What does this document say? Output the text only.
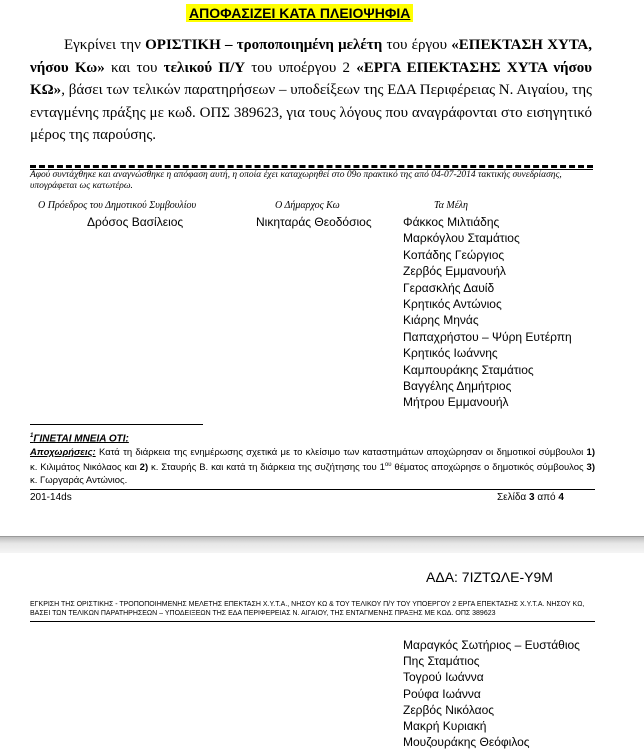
ΑΠΟΦΑΣΙΖΕΙ ΚΑΤΑ ΠΛΕΙΟΨΗΦΙΑ

Εγκρίνει την ΟΡΙΣΤΙΚΗ – τροποποιημένη μελέτη του έργου «ΕΠΕΚΤΑΣΗ ΧΥΤΑ, νήσου Κω» και του τελικού Π/Υ του υποέργου 2 «ΕΡΓΑ ΕΠΕΚΤΑΣΗΣ ΧΥΤΑ νήσου ΚΩ», βάσει των τελικών παρατηρήσεων – υποδείξεων της ΕΔΑ Περιφέρειας Ν. Αιγαίου, της ενταγμένης πράξης με κωδ. ΟΠΣ 389623, για τους λόγους που αναγράφονται στο εισηγητικό μέρος της παρούσης.

Αφού συντάχθηκε και αναγνώσθηκε η απόφαση αυτή, η οποία έχει καταχωρηθεί στο 09ο πρακτικό της από 04-07-2014 τακτικής συνεδρίασης, υπογράφεται ως κατωτέρω.
Ο Πρόεδρος του Δημοτικού Συμβουλίου
Δρόσος Βασίλειος
Ο Δήμαρχος Κω
Νικηταράς Θεοδόσιος
Τα Μέλη
Φάκκος Μιλτιάδης
Μαρκόγλου Σταμάτιος
Κοπάδης Γεώργιος
Ζερβός Εμμανουήλ
Γερασκλής Δαυίδ
Κρητικός Αντώνιος
Κιάρης Μηνάς
Παπαχρήστου – Ψύρη Ευτέρπη
Κρητικός Ιωάννης
Καμπουράκης Σταμάτιος
Βαγγέλης Δημήτριος
Μήτρου Εμμανουήλ
$^1$ΓΙΝΕΤΑΙ ΜΝΕΙΑ ΟΤΙ:
Αποχωρήσεις: Κατά τη διάρκεια της ενημέρωσης σχετικά με το κλείσιμο των καταστημάτων αποχώρησαν οι δημοτικοί σύμβουλοι 1) κ. Κιλιμάτος Νικόλαος και 2) κ. Σταυρής Β. και κατά τη διάρκεια της συζήτησης του $1^{o\upsilon}$ θέματος αποχώρησε ο δημοτικός σύμβουλος 3) κ. Γωργαράς Αντώνιος.
201-14ds	Σελίδα 3 από 4
ΑΔΑ: 7ΙΖΤΩΛΕ-Υ9Μ
ΕΓΚΡΙΣΗ ΤΗΣ ΟΡΙΣΤΙΚΗΣ - ΤΡΟΠΟΠΟΙΗΜΕΝΗΣ ΜΕΛΕΤΗΣ ΕΠΕΚΤΑΣΗ Χ.Υ.Τ.Α., ΝΗΣΟΥ ΚΩ & ΤΟΥ ΤΕΛΙΚΟΥ Π/Υ ΤΟΥ ΥΠΟΕΡΓΟΥ 2 ΕΡΓΑ ΕΠΕΚΤΑΣΗΣ Χ.Υ.Τ.Α. ΝΗΣΟΥ ΚΩ, ΒΑΣΕΙ ΤΩΝ ΤΕΛΙΚΩΝ ΠΑΡΑΤΗΡΗΣΕΩΝ – ΥΠΟΔΕΙΞΕΩΝ ΤΗΣ ΕΔΑ ΠΕΡΙΦΕΡΕΙΑΣ Ν. ΑΙΓΑΙΟΥ, ΤΗΣ ΕΝΤΑΓΜΕΝΗΣ ΠΡΑΞΗΣ ΜΕ ΚΩΔ. ΟΠΣ 389623
Μαραγκός Σωτήριος – Ευστάθιος
Πης Σταμάτιος
Τογρού Ιωάννα
Ρούφα Ιωάννα
Ζερβός Νικόλαος
Μακρή Κυριακή
Μουζουράκης Θεόφιλος
